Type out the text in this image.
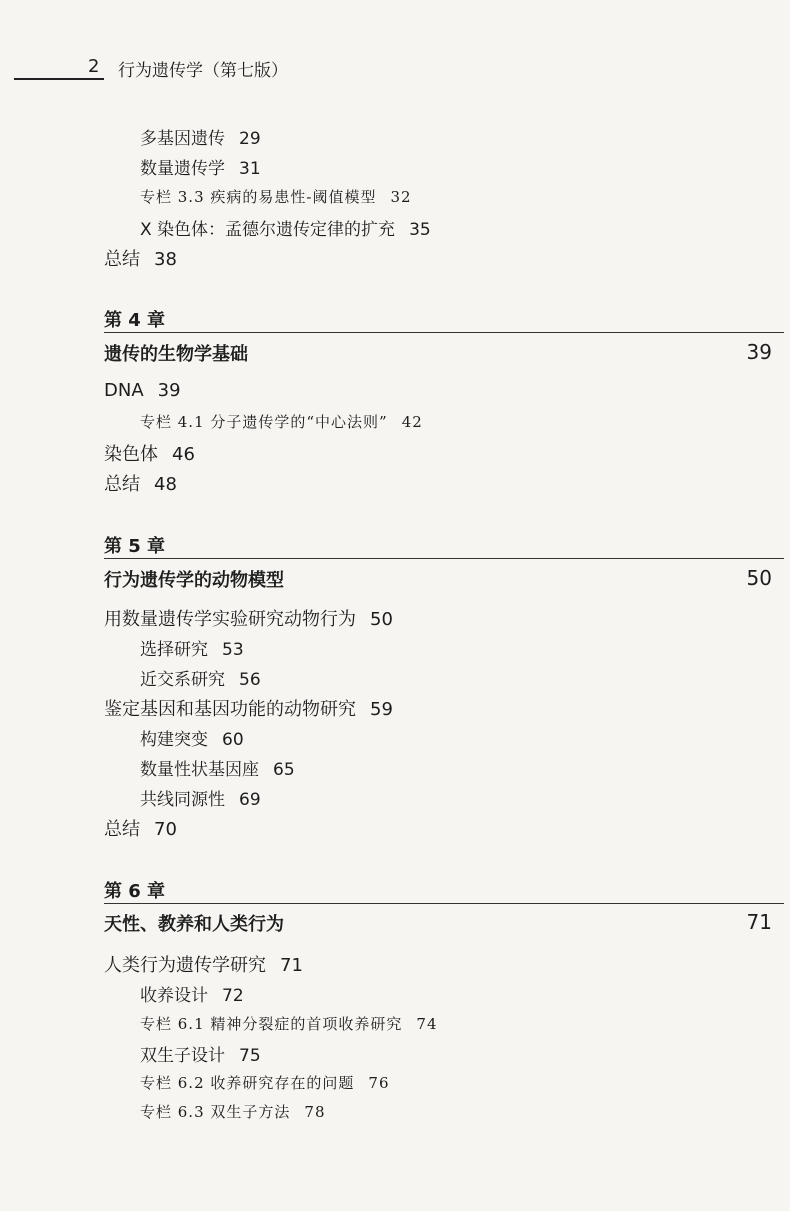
2 行为遗传学（第七版）
多基因遗传 29
数量遗传学 31
专栏 3.3 疾病的易患性-阈值模型 32
X 染色体：孟德尔遗传定律的扩充 35
总结 38
第 4 章
遗传的生物学基础	39
DNA 39
专栏 4.1 分子遗传学的“中心法则” 42
染色体 46
总结 48
第 5 章
行为遗传学的动物模型	50
用数量遗传学实验研究动物行为 50
选择研究 53
近交系研究 56
鉴定基因和基因功能的动物研究 59
构建突变 60
数量性状基因座 65
共线同源性 69
总结 70
第 6 章
天性、教养和人类行为	71
人类行为遗传学研究 71
收养设计 72
专栏 6.1 精神分裂症的首项收养研究 74
双生子设计 75
专栏 6.2 收养研究存在的问题 76
专栏 6.3 双生子方法 78
